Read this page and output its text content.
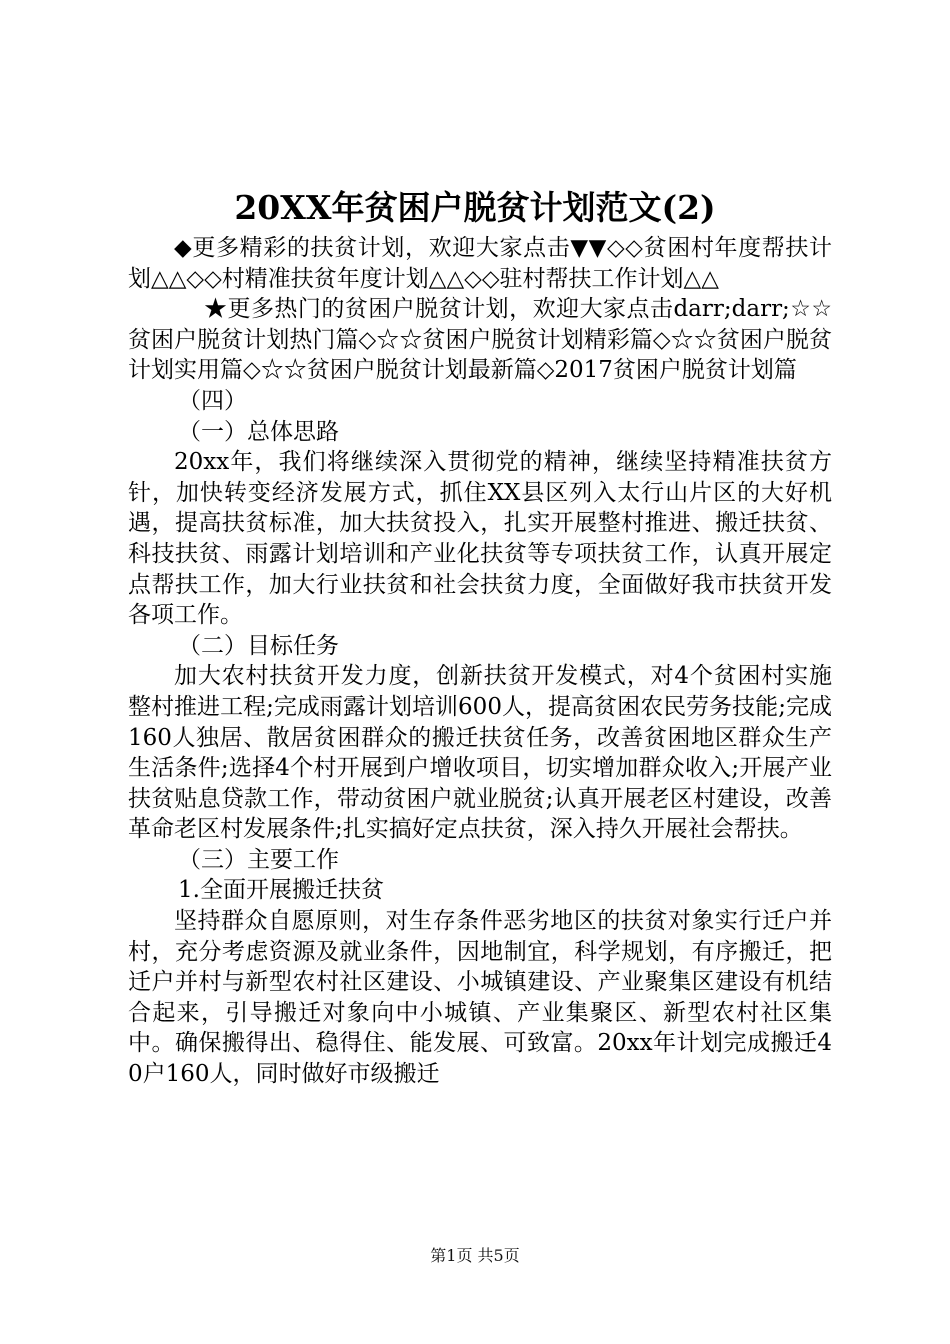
20XX年贫困户脱贫计划范文(2)

◆更多精彩的扶贫计划，欢迎大家点击▼▼◇◇贫困村年度帮扶计划△△◇◇村精准扶贫年度计划△△◇◇驻村帮扶工作计划△△

★更多热门的贫困户脱贫计划，欢迎大家点击darr;darr;☆☆贫困户脱贫计划热门篇◇☆☆贫困户脱贫计划精彩篇◇☆☆贫困户脱贫计划实用篇◇☆☆贫困户脱贫计划最新篇◇2017贫困户脱贫计划篇

（四）

（一）总体思路

20xx年，我们将继续深入贯彻党的精神，继续坚持精准扶贫方针，加快转变经济发展方式，抓住XX县区列入太行山片区的大好机遇，提高扶贫标准，加大扶贫投入，扎实开展整村推进、搬迁扶贫、科技扶贫、雨露计划培训和产业化扶贫等专项扶贫工作，认真开展定点帮扶工作，加大行业扶贫和社会扶贫力度，全面做好我市扶贫开发各项工作。

（二）目标任务

加大农村扶贫开发力度，创新扶贫开发模式，对4个贫困村实施整村推进工程;完成雨露计划培训600人，提高贫困农民劳务技能;完成160人独居、散居贫困群众的搬迁扶贫任务，改善贫困地区群众生产生活条件;选择4个村开展到户增收项目，切实增加群众收入;开展产业扶贫贴息贷款工作，带动贫困户就业脱贫;认真开展老区村建设，改善革命老区村发展条件;扎实搞好定点扶贫，深入持久开展社会帮扶。

（三）主要工作

1.全面开展搬迁扶贫

坚持群众自愿原则，对生存条件恶劣地区的扶贫对象实行迁户并村，充分考虑资源及就业条件，因地制宜，科学规划，有序搬迁，把迁户并村与新型农村社区建设、小城镇建设、产业聚集区建设有机结合起来，引导搬迁对象向中小城镇、产业集聚区、新型农村社区集中。确保搬得出、稳得住、能发展、可致富。20xx年计划完成搬迁40户160人，同时做好市级搬迁

第1页 共5页
